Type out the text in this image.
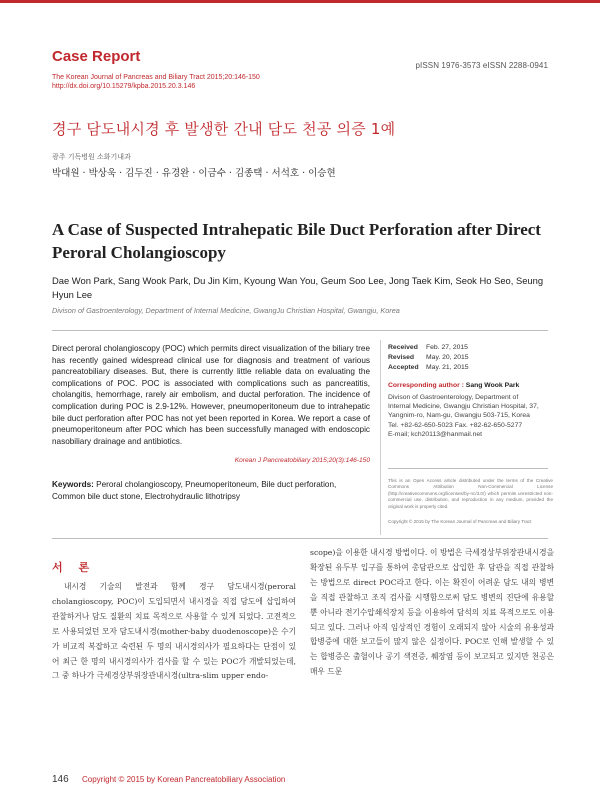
Case Report
pISSN 1976-3573 eISSN 2288-0941
The Korean Journal of Pancreas and Biliary Tract 2015;20:146-150
http://dx.doi.org/10.15279/kpba.2015.20.3.146
경구 담도내시경 후 발생한 간내 담도 천공 의증 1예
광주 기독병원 소화기내과
박대원 · 박상욱 · 김두진 · 유경완 · 이금수 · 김종택 · 서석호 · 이승현
A Case of Suspected Intrahepatic Bile Duct Perforation after Direct Peroral Cholangioscopy
Dae Won Park, Sang Wook Park, Du Jin Kim, Kyoung Wan You, Geum Soo Lee, Jong Taek Kim, Seok Ho Seo, Seung Hyun Lee
Divison of Gastroenterology, Department of Internal Medicine, GwangJu Christian Hospital, Gwangju, Korea
Direct peroral cholangioscopy (POC) which permits direct visualization of the biliary tree has recently gained widespread clinical use for diagnosis and treatment of various pancreatobiliary diseases. But, there is currently little reliable data on evaluating the complications of POC. POC is associated with complications such as pancreatitis, cholangitis, hemorrhage, rarely air embolism, and ductal perforation. The incidence of complication during POC is 2.9-12%. However, pneumoperitoneum due to intrahepatic bile duct perforation after POC has not yet been reported in Korea. We report a case of pneumoperitoneum after POC which has been successfully managed with endoscopic nasobiliary drainage and antibiotics.
Korean J Pancreatobiliary 2015;20(3):146-150
Keywords: Peroral cholangioscopy, Pneumoperitoneum, Bile duct perforation, Common bile duct stone, Electrohydraulic lithotripsy
Received	Feb. 27, 2015
Revised	May. 20, 2015
Accepted	May. 21, 2015
Corresponding author : Sang Wook Park
Divison of Gastroenterology, Department of
Internal Medicine, Gwangju Christian Hospital, 37,
Yangnim-ro, Nam-gu, Gwangju 503-715, Korea
Tel. +82-62-650-5023 Fax. +82-62-650-5277
E-mail; kch20113@hanmail.net
This is an Open Access article distributed under the terms of the Creative Commons Attribution Non-Commercial License (http://creativecommons.org/licenses/by-nc/3.0/) which permits unrestricted non-commercial use, distribution, and reproduction in any medium, provided the original work is properly cited.
Copyright © 2015 by The Korean Journal of Pancreas and Biliary Tract
서 론
내시경 기술의 발전과 함께 경구 담도내시경(peroral cholangioscopy, POC)이 도입되면서 내시경을 직접 담도에 삽입하여 관찰하거나 담도 질환의 치료 목적으로 사용할 수 있게 되었다. 고전적으로 사용되었던 모자 담도내시경(mother-baby duodenoscope)은 수기가 비교적 복잡하고 숙련된 두 명의 내시경의사가 필요하다는 단점이 있어 최근 한 명의 내시경의사가 검사를 할 수 있는 POC가 개발되었는데, 그 중 하나가 극세경상부위장관내시경(ultra-slim upper endo-
scope)을 이용한 내시경 방법이다. 이 방법은 극세경상부위장관내시경을 확장된 유두부 입구를 통하여 총담관으로 삽입한 후 담관을 직접 관찰하는 방법으로 direct POC라고 한다. 이는 확진이 어려운 담도 내의 병변을 직접 관찰하고 조직 검사를 시행함으로써 담도 병변의 진단에 유용할 뿐 아니라 전기수압쇄석장치 등을 이용하여 담석의 치료 목적으로도 이용되고 있다. 그러나 아직 임상적인 경험이 오래되지 않아 시술의 유용성과 합병증에 대한 보고들이 많지 않은 실정이다. POC로 인해 발생할 수 있는 합병증은 출혈이나 공기 색전증, 췌장염 등이 보고되고 있지만 천공은 매우 드문
146 Copyright © 2015 by Korean Pancreatobiliary Association
